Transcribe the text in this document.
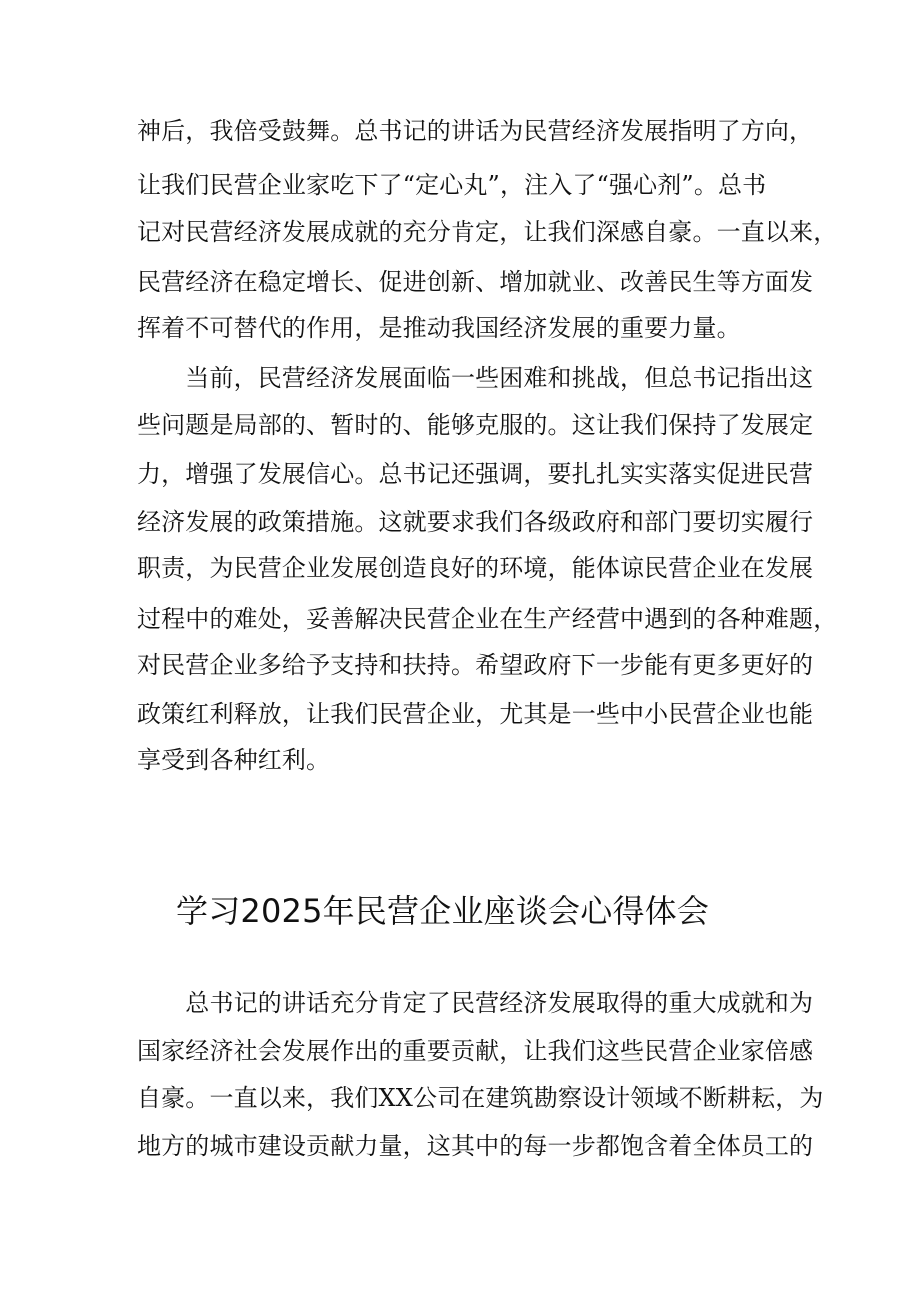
神后，我倍受鼓舞。总书记的讲话为民营经济发展指明了方向，

让我们民营企业家吃下了“定心丸”，注入了“强心剂”。总书

记对民营经济发展成就的充分肯定，让我们深感自豪。一直以来，

民营经济在稳定增长、促进创新、增加就业、改善民生等方面发

挥着不可替代的作用，是推动我国经济发展的重要力量。

　　当前，民营经济发展面临一些困难和挑战，但总书记指出这

些问题是局部的、暂时的、能够克服的。这让我们保持了发展定

力，增强了发展信心。总书记还强调，要扎扎实实落实促进民营

经济发展的政策措施。这就要求我们各级政府和部门要切实履行

职责，为民营企业发展创造良好的环境，能体谅民营企业在发展

过程中的难处，妥善解决民营企业在生产经营中遇到的各种难题，

对民营企业多给予支持和扶持。希望政府下一步能有更多更好的

政策红利释放，让我们民营企业，尤其是一些中小民营企业也能

享受到各种红利。

学习2025年民营企业座谈会心得体会

　　总书记的讲话充分肯定了民营经济发展取得的重大成就和为

国家经济社会发展作出的重要贡献，让我们这些民营企业家倍感

自豪。一直以来，我们XX公司在建筑勘察设计领域不断耕耘，为

地方的城市建设贡献力量，这其中的每一步都饱含着全体员工的
